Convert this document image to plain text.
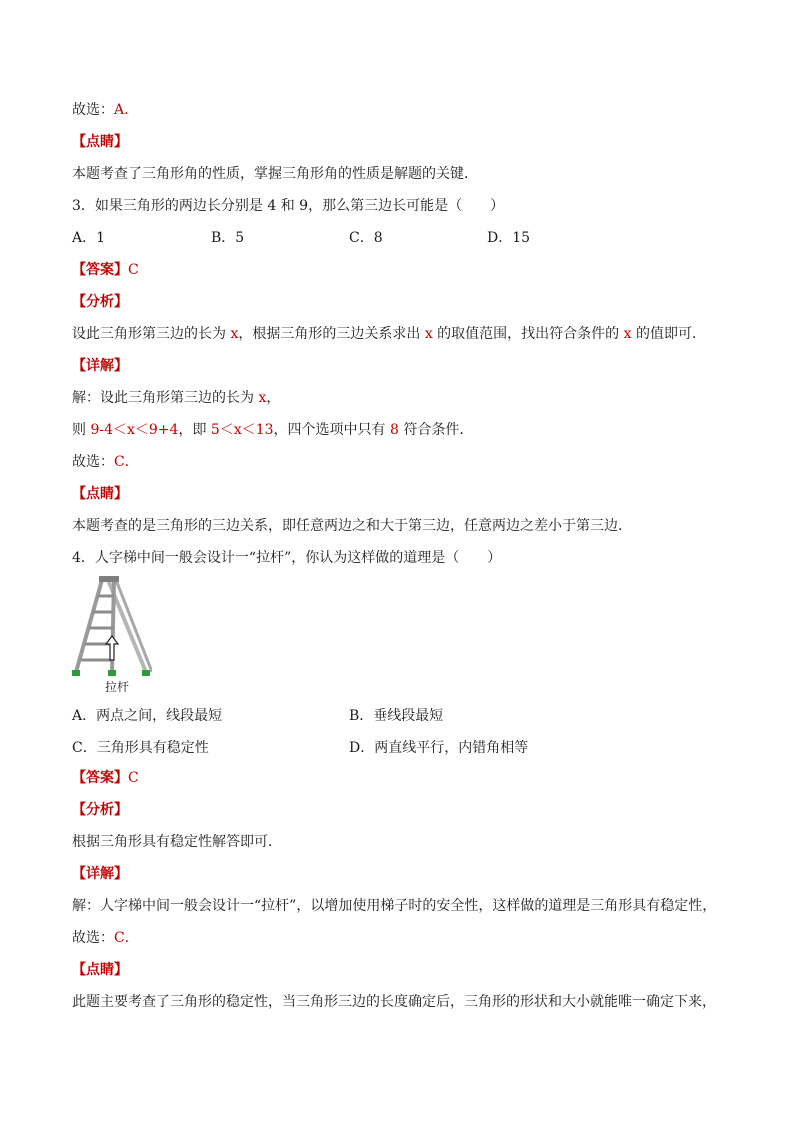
故选：A．
【点睛】
本题考查了三角形角的性质，掌握三角形角的性质是解题的关键．
3．如果三角形的两边长分别是 4 和 9，那么第三边长可能是（　　）
A．1	B．5	C．8	D．15
【答案】C
【分析】
设此三角形第三边的长为 x，根据三角形的三边关系求出 x 的取值范围，找出符合条件的 x 的值即可．
【详解】
解：设此三角形第三边的长为 x，
则 9-4＜x＜9+4，即 5＜x＜13，四个选项中只有 8 符合条件．
故选：C．
【点睛】
本题考查的是三角形的三边关系，即任意两边之和大于第三边，任意两边之差小于第三边．
4．人字梯中间一般会设计一“拉杆”，你认为这样做的道理是（　　）
拉杆
A．两点之间，线段最短	B．垂线段最短
C．三角形具有稳定性	D．两直线平行，内错角相等
【答案】C
【分析】
根据三角形具有稳定性解答即可．
【详解】
解：人字梯中间一般会设计一“拉杆”，以增加使用梯子时的安全性，这样做的道理是三角形具有稳定性，
故选：C．
【点睛】
此题主要考查了三角形的稳定性，当三角形三边的长度确定后，三角形的形状和大小就能唯一确定下来，
